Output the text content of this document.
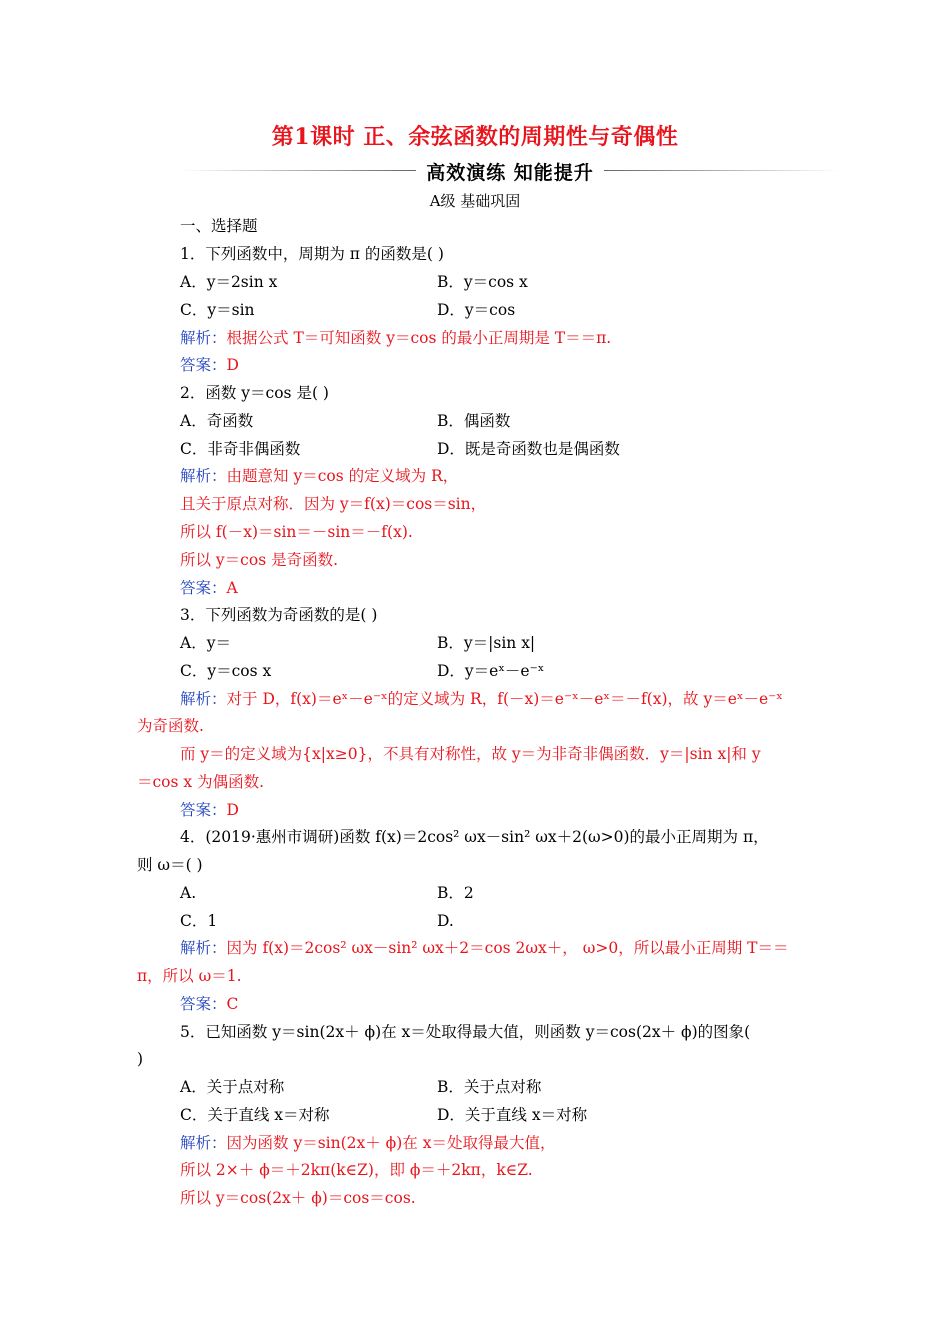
第1课时 正、余弦函数的周期性与奇偶性
高效演练 知能提升
A级 基础巩固
一、选择题
1．下列函数中，周期为 π 的函数是( )
A．y＝2sin x	B．y＝cos x
C．y＝sin	D．y＝cos
解析：根据公式 T＝可知函数 y＝cos 的最小正周期是 T＝＝π.
答案：D
2．函数 y＝cos 是( )
A．奇函数	B．偶函数
C．非奇非偶函数	D．既是奇函数也是偶函数
解析：由题意知 y＝cos 的定义域为 R，
且关于原点对称．因为 y＝f(x)＝cos＝sin，
所以 f(－x)＝sin＝－sin＝－f(x).
所以 y＝cos 是奇函数.
答案：A
3．下列函数为奇函数的是( )
A．y＝	B．y＝|sin x|
C．y＝cos x	D．y＝eˣ－e⁻ˣ
解析：对于 D，f(x)＝eˣ－e⁻ˣ的定义域为 R，f(－x)＝e⁻ˣ－eˣ＝－f(x)，故 y＝eˣ－e⁻ˣ
为奇函数.
而 y＝的定义域为{x|x≥0}，不具有对称性，故 y＝为非奇非偶函数．y＝|sin x|和 y
＝cos x 为偶函数.
答案：D
4．(2019·惠州市调研)函数 f(x)＝2cos² ωx－sin² ωx＋2(ω>0)的最小正周期为 π，
则 ω＝( )
A.	B．2
C．1	D.
解析：因为 f(x)＝2cos² ωx－sin² ωx＋2＝cos 2ωx＋， ω>0，所以最小正周期 T＝＝
π，所以 ω＝1.
答案：C
5．已知函数 y＝sin(2x＋ ϕ)在 x＝处取得最大值，则函数 y＝cos(2x＋ ϕ)的图象(
)
A．关于点对称	B．关于点对称
C．关于直线 x＝对称	D．关于直线 x＝对称
解析：因为函数 y＝sin(2x＋ ϕ)在 x＝处取得最大值，
所以 2×＋ ϕ＝＋2kπ(k∈Z)，即 ϕ＝＋2kπ，k∈Z.
所以 y＝cos(2x＋ ϕ)＝cos＝cos.
